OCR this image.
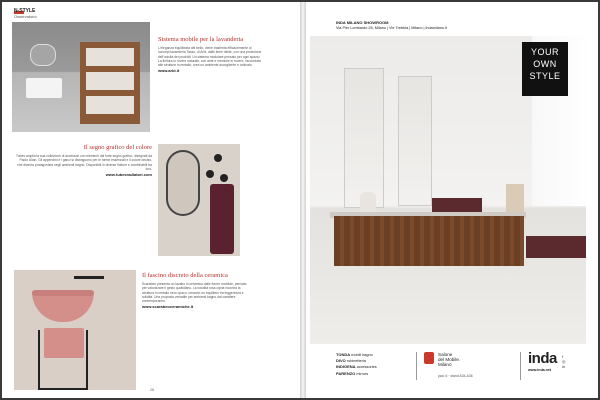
N-STYLE
Osservatorio
Sistema mobile per la lavanderia

L'eleganza equilibrata del bello, viene trasferita efficacemente al concept lavanderia Tasso, di Arbi, dalle linee nitide, con una proiezione dell'unicità dei prodotti. Un sistema modulare pensato per ogni spazio. La finitura in rovere naturale, con ante e mensole in rovere, raccordata alle strutture in metallo, crea un ambiente accogliente e ordinato.

www.arbi.it
Il segno grafico del colore

Tubes amplia la sua collezione di accessori con elementi dal forte segno grafico, disegnati da Paolo Ulian. Gli appendini e i ganci si distinguono per le forme essenziali e il colore deciso, che diventa protagonista negli ambienti bagno. Disponibili in diverse finiture e combinabili tra loro.

www.tubesradiatori.com
Il fascino discreto della ceramica

Scarabeo presenta un lavabo in ceramica dalle forme morbide, pensato per valorizzare il gesto quotidiano. La tonalità rosa cipria incontra la struttura in metallo nero opaco, creando un equilibrio tra leggerezza e solidità. Una proposta versatile per ambienti bagno dal carattere contemporaneo.

www.scarabeoceramiche.it
28
INDA MILANO SHOWROOM
Via Pier Lombardo 28, Milano | Vie Trebbia | Milano | indamilano.it
YOUR
OWN
STYLE
TONDA mobili bagno
DIVO rubinetteria
INDIGENA accessories
PARENZO mirrors
Salone
del Mobile.
Milano
pad. 6 · stand A34-A36
inda
www.inda.net
f
◎
in
